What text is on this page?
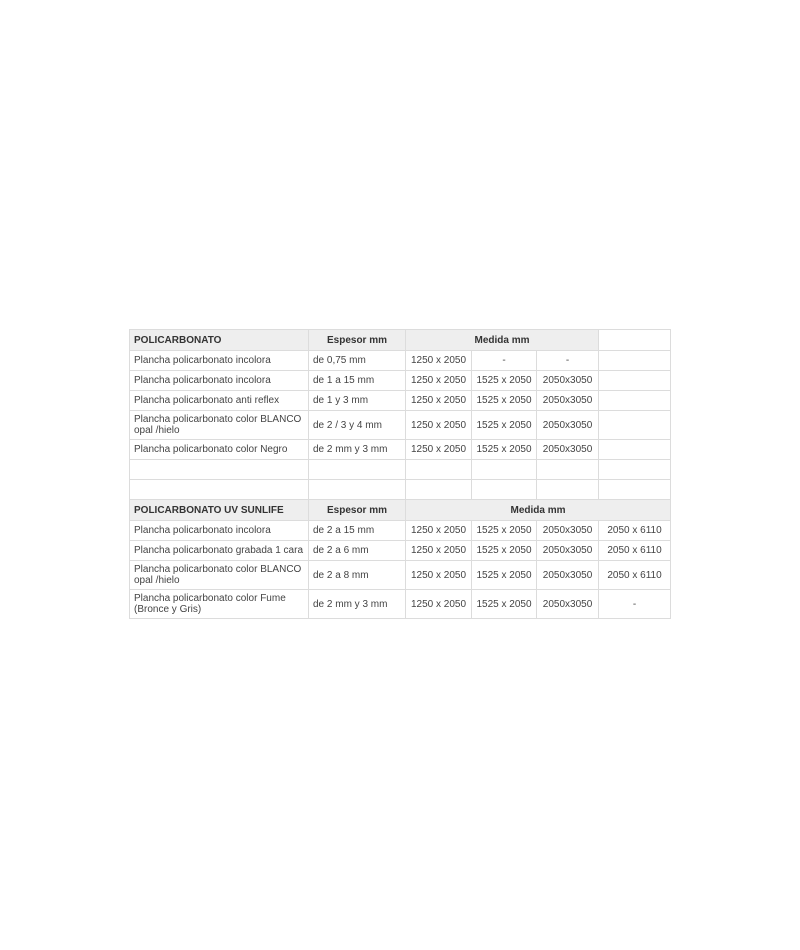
POLICARBONATO	Espesor mm	Medida mm			
Plancha policarbonato incolora	de 0,75 mm	1250 x 2050	-	-	
Plancha policarbonato incolora	de 1 a 15 mm	1250 x 2050	1525 x 2050	2050x3050	
Plancha policarbonato anti reflex	de 1 y 3 mm	1250 x 2050	1525 x 2050	2050x3050	
Plancha policarbonato color BLANCO opal /hielo	de 2 / 3 y 4 mm	1250 x 2050	1525 x 2050	2050x3050	
Plancha policarbonato color Negro	de 2 mm y 3 mm	1250 x 2050	1525 x 2050	2050x3050	

POLICARBONATO UV SUNLIFE	Espesor mm	Medida mm			
Plancha policarbonato incolora	de 2 a 15 mm	1250 x 2050	1525 x 2050	2050x3050	2050 x 6110
Plancha policarbonato grabada 1 cara	de 2 a 6 mm	1250 x 2050	1525 x 2050	2050x3050	2050 x 6110
Plancha policarbonato color BLANCO opal /hielo	de 2 a 8 mm	1250 x 2050	1525 x 2050	2050x3050	2050 x 6110
Plancha policarbonato color Fume (Bronce y Gris)	de 2 mm y 3 mm	1250 x 2050	1525 x 2050	2050x3050	-
